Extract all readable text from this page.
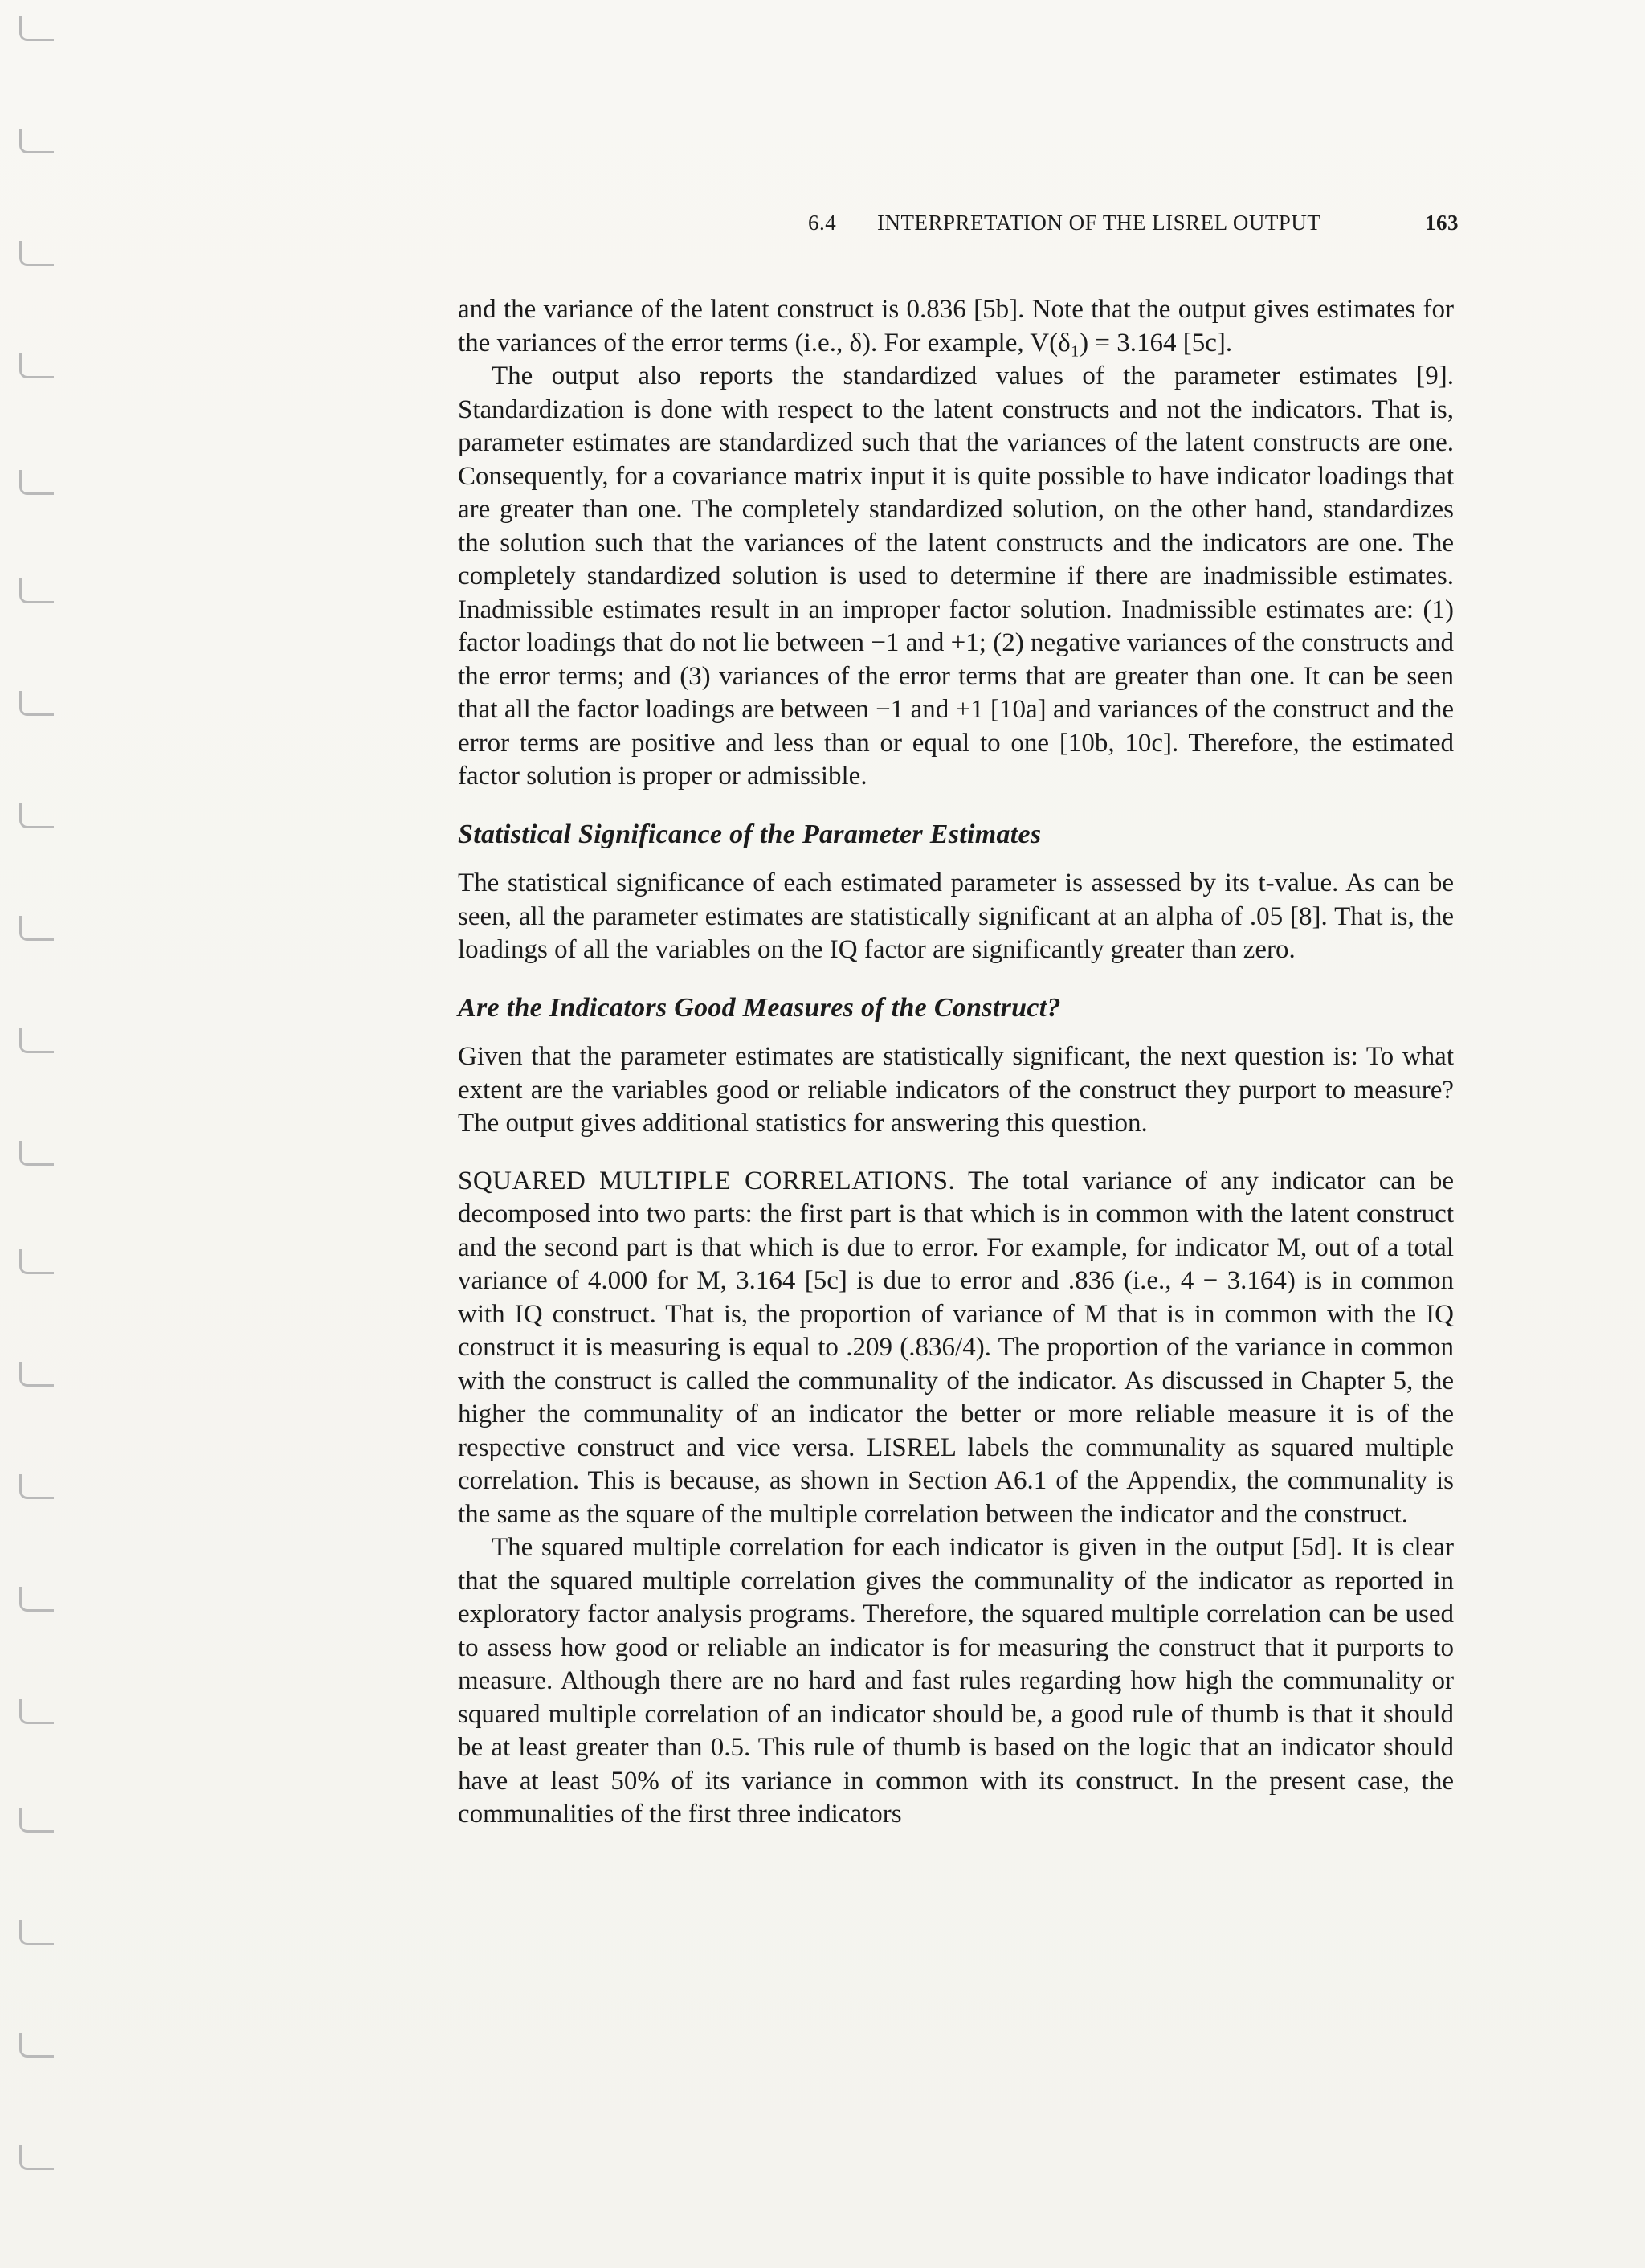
6.4 INTERPRETATION OF THE LISREL OUTPUT	163

and the variance of the latent construct is 0.836 [5b]. Note that the output gives estimates for the variances of the error terms (i.e., δ). For example, V(δ₁) = 3.164 [5c].

The output also reports the standardized values of the parameter estimates [9]. Standardization is done with respect to the latent constructs and not the indicators. That is, parameter estimates are standardized such that the variances of the latent constructs are one. Consequently, for a covariance matrix input it is quite possible to have indicator loadings that are greater than one. The completely standardized solution, on the other hand, standardizes the solution such that the variances of the latent constructs and the indicators are one. The completely standardized solution is used to determine if there are inadmissible estimates. Inadmissible estimates result in an improper factor solution. Inadmissible estimates are: (1) factor loadings that do not lie between −1 and +1; (2) negative variances of the constructs and the error terms; and (3) variances of the error terms that are greater than one. It can be seen that all the factor loadings are between −1 and +1 [10a] and variances of the construct and the error terms are positive and less than or equal to one [10b, 10c]. Therefore, the estimated factor solution is proper or admissible.

Statistical Significance of the Parameter Estimates

The statistical significance of each estimated parameter is assessed by its t-value. As can be seen, all the parameter estimates are statistically significant at an alpha of .05 [8]. That is, the loadings of all the variables on the IQ factor are significantly greater than zero.

Are the Indicators Good Measures of the Construct?

Given that the parameter estimates are statistically significant, the next question is: To what extent are the variables good or reliable indicators of the construct they purport to measure? The output gives additional statistics for answering this question.

SQUARED MULTIPLE CORRELATIONS. The total variance of any indicator can be decomposed into two parts: the first part is that which is in common with the latent construct and the second part is that which is due to error. For example, for indicator M, out of a total variance of 4.000 for M, 3.164 [5c] is due to error and .836 (i.e., 4 − 3.164) is in common with IQ construct. That is, the proportion of variance of M that is in common with the IQ construct it is measuring is equal to .209 (.836/4). The proportion of the variance in common with the construct is called the communality of the indicator. As discussed in Chapter 5, the higher the communality of an indicator the better or more reliable measure it is of the respective construct and vice versa. LISREL labels the communality as squared multiple correlation. This is because, as shown in Section A6.1 of the Appendix, the communality is the same as the square of the multiple correlation between the indicator and the construct.

The squared multiple correlation for each indicator is given in the output [5d]. It is clear that the squared multiple correlation gives the communality of the indicator as reported in exploratory factor analysis programs. Therefore, the squared multiple correlation can be used to assess how good or reliable an indicator is for measuring the construct that it purports to measure. Although there are no hard and fast rules regarding how high the communality or squared multiple correlation of an indicator should be, a good rule of thumb is that it should be at least greater than 0.5. This rule of thumb is based on the logic that an indicator should have at least 50% of its variance in common with its construct. In the present case, the communalities of the first three indicators
